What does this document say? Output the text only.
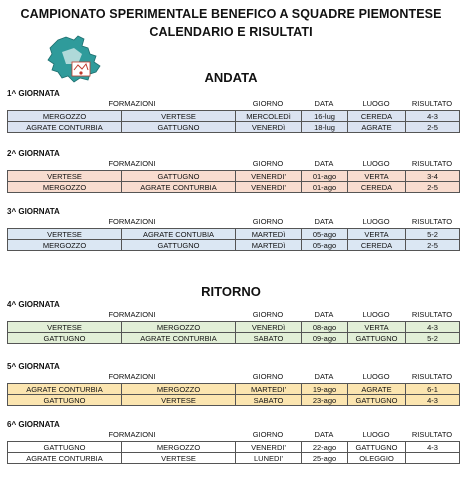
CAMPIONATO SPERIMENTALE BENEFICO A SQUADRE PIEMONTESE
CALENDARIO E RISULTATI
ANDATA
RITORNO
1^ GIORNATA
FORMAZIONI	GIORNO	DATA	LUOGO	RISULTATO
MERGOZZO	VERTESE	MERCOLEDì	16-lug	CEREDA	4-3
AGRATE CONTURBIA	GATTUGNO	VENERDì	18-lug	AGRATE	2-5
2^ GIORNATA
FORMAZIONI	GIORNO	DATA	LUOGO	RISULTATO
VERTESE	GATTUGNO	VENERDI'	01-ago	VERTA	3-4
MERGOZZO	AGRATE CONTURBIA	VENERDI'	01-ago	CEREDA	2-5
3^ GIORNATA
FORMAZIONI	GIORNO	DATA	LUOGO	RISULTATO
VERTESE	AGRATE CONTUBIA	MARTEDì	05-ago	VERTA	5-2
MERGOZZO	GATTUGNO	MARTEDì	05-ago	CEREDA	2-5
4^ GIORNATA
FORMAZIONI	GIORNO	DATA	LUOGO	RISULTATO
VERTESE	MERGOZZO	VENERDì	08-ago	VERTA	4-3
GATTUGNO	AGRATE CONTURBIA	SABATO	09-ago	GATTUGNO	5-2
5^ GIORNATA
FORMAZIONI	GIORNO	DATA	LUOGO	RISULTATO
AGRATE CONTURBIA	MERGOZZO	MARTEDI'	19-ago	AGRATE	6-1
GATTUGNO	VERTESE	SABATO	23-ago	GATTUGNO	4-3
6^ GIORNATA
FORMAZIONI	GIORNO	DATA	LUOGO	RISULTATO
GATTUGNO	MERGOZZO	VENERDI'	22-ago	GATTUGNO	4-3
AGRATE CONTURBIA	VERTESE	LUNEDI'	25-ago	OLEGGIO	
